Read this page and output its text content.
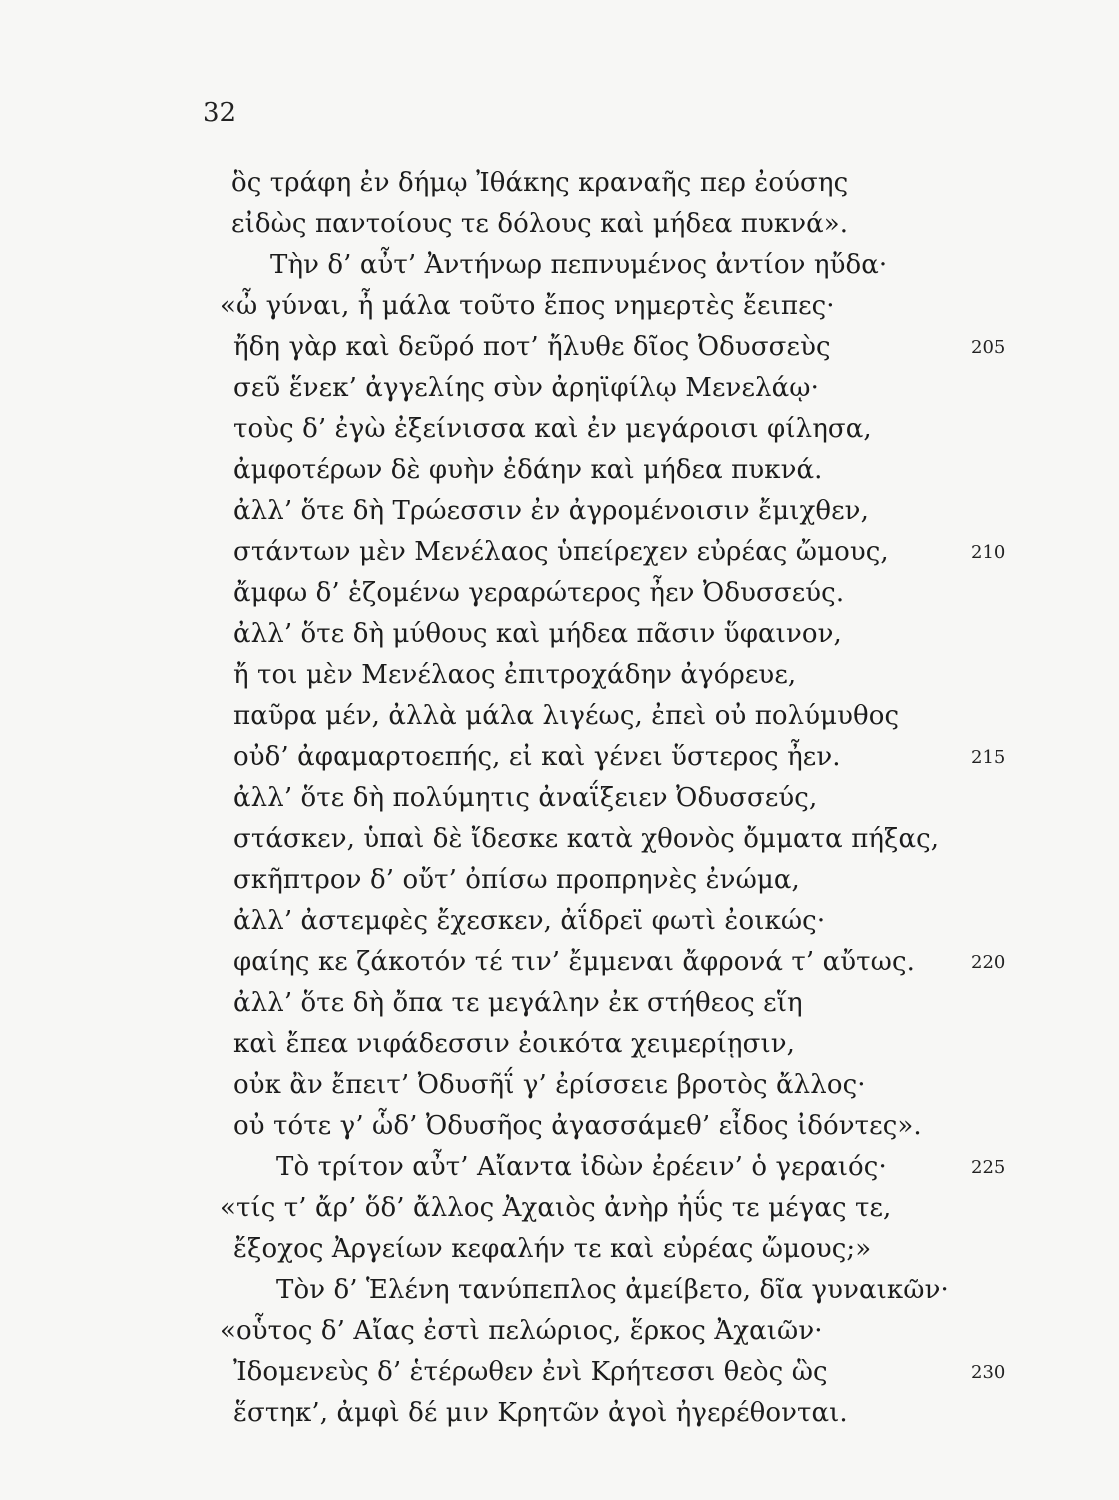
32
ὃς τράφη ἐν δήμῳ Ἰθάκης κραναῆς περ ἐούσης
εἰδὼς παντοίους τε δόλους καὶ μήδεα πυκνά».
Τὴν δ’ αὖτ’ Ἀντήνωρ πεπνυμένος ἀντίον ηὔδα·
«ὦ γύναι, ἦ μάλα τοῦτο ἔπος νημερτὲς ἔειπες·
ἤδη γὰρ καὶ δεῦρό ποτ’ ἤλυθε δῖος Ὀδυσσεὺς
σεῦ ἕνεκ’ ἀγγελίης σὺν ἀρηϊφίλῳ Μενελάῳ·
τοὺς δ’ ἐγὼ ἐξείνισσα καὶ ἐν μεγάροισι φίλησα,
ἀμφοτέρων δὲ φυὴν ἐδάην καὶ μήδεα πυκνά.
ἀλλ’ ὅτε δὴ Τρώεσσιν ἐν ἀγρομένοισιν ἔμιχθεν,
στάντων μὲν Μενέλαος ὑπείρεχεν εὐρέας ὤμους,
ἄμφω δ’ ἑζομένω γεραρώτερος ἦεν Ὀδυσσεύς.
ἀλλ’ ὅτε δὴ μύθους καὶ μήδεα πᾶσιν ὕφαινον,
ἤ τοι μὲν Μενέλαος ἐπιτροχάδην ἀγόρευε,
παῦρα μέν, ἀλλὰ μάλα λιγέως, ἐπεὶ οὐ πολύμυθος
οὐδ’ ἀφαμαρτοεπής, εἰ καὶ γένει ὕστερος ἦεν.
ἀλλ’ ὅτε δὴ πολύμητις ἀναΐξειεν Ὀδυσσεύς,
στάσκεν, ὑπαὶ δὲ ἴδεσκε κατὰ χθονὸς ὄμματα πήξας,
σκῆπτρον δ’ οὔτ’ ὀπίσω προπρηνὲς ἐνώμα,
ἀλλ’ ἀστεμφὲς ἔχεσκεν, ἀΐδρεϊ φωτὶ ἐοικώς·
φαίης κε ζάκοτόν τέ τιν’ ἔμμεναι ἄφρονά τ’ αὔτως.
ἀλλ’ ὅτε δὴ ὄπα τε μεγάλην ἐκ στήθεος εἵη
καὶ ἔπεα νιφάδεσσιν ἐοικότα χειμερίῃσιν,
οὐκ ἂν ἔπειτ’ Ὀδυσῆΐ γ’ ἐρίσσειε βροτὸς ἄλλος·
οὐ τότε γ’ ὧδ’ Ὀδυσῆος ἀγασσάμεθ’ εἶδος ἰδόντες».
Τὸ τρίτον αὖτ’ Αἴαντα ἰδὼν ἐρέειν’ ὁ γεραιός·
«τίς τ’ ἄρ’ ὅδ’ ἄλλος Ἀχαιὸς ἀνὴρ ἠΰς τε μέγας τε,
ἔξοχος Ἀργείων κεφαλήν τε καὶ εὐρέας ὤμους;»
Τὸν δ’ Ἑλένη τανύπεπλος ἀμείβετο, δῖα γυναικῶν·
«οὗτος δ’ Αἴας ἐστὶ πελώριος, ἕρκος Ἀχαιῶν·
Ἰδομενεὺς δ’ ἑτέρωθεν ἐνὶ Κρήτεσσι θεὸς ὣς
ἕστηκ’, ἀμφὶ δέ μιν Κρητῶν ἀγοὶ ἠγερέθονται.
205
210
215
220
225
230
